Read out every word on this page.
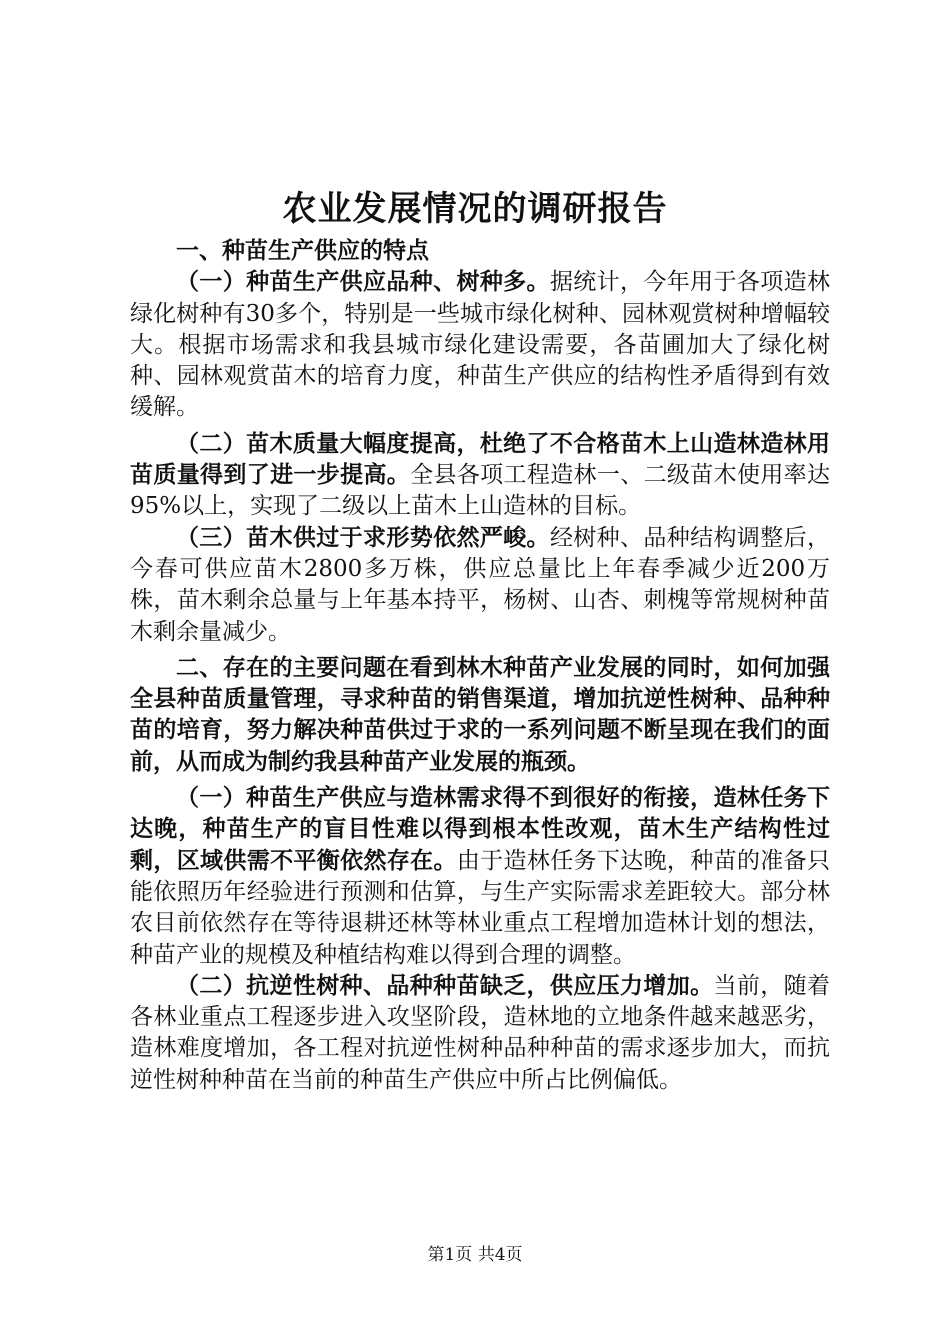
农业发展情况的调研报告

一、种苗生产供应的特点

（一）种苗生产供应品种、树种多。据统计，今年用于各项造林绿化树种有30多个，特别是一些城市绿化树种、园林观赏树种增幅较大。根据市场需求和我县城市绿化建设需要，各苗圃加大了绿化树种、园林观赏苗木的培育力度，种苗生产供应的结构性矛盾得到有效缓解。

（二）苗木质量大幅度提高，杜绝了不合格苗木上山造林造林用苗质量得到了进一步提高。全县各项工程造林一、二级苗木使用率达95%以上，实现了二级以上苗木上山造林的目标。

（三）苗木供过于求形势依然严峻。经树种、品种结构调整后，今春可供应苗木2800多万株，供应总量比上年春季减少近200万株，苗木剩余总量与上年基本持平，杨树、山杏、刺槐等常规树种苗木剩余量减少。

二、存在的主要问题在看到林木种苗产业发展的同时，如何加强全县种苗质量管理，寻求种苗的销售渠道，增加抗逆性树种、品种种苗的培育，努力解决种苗供过于求的一系列问题不断呈现在我们的面前，从而成为制约我县种苗产业发展的瓶颈。

（一）种苗生产供应与造林需求得不到很好的衔接，造林任务下达晚，种苗生产的盲目性难以得到根本性改观，苗木生产结构性过剩，区域供需不平衡依然存在。由于造林任务下达晚，种苗的准备只能依照历年经验进行预测和估算，与生产实际需求差距较大。部分林农目前依然存在等待退耕还林等林业重点工程增加造林计划的想法，种苗产业的规模及种植结构难以得到合理的调整。

（二）抗逆性树种、品种种苗缺乏，供应压力增加。当前，随着各林业重点工程逐步进入攻坚阶段，造林地的立地条件越来越恶劣，造林难度增加，各工程对抗逆性树种品种种苗的需求逐步加大，而抗逆性树种种苗在当前的种苗生产供应中所占比例偏低。

第1页 共4页
